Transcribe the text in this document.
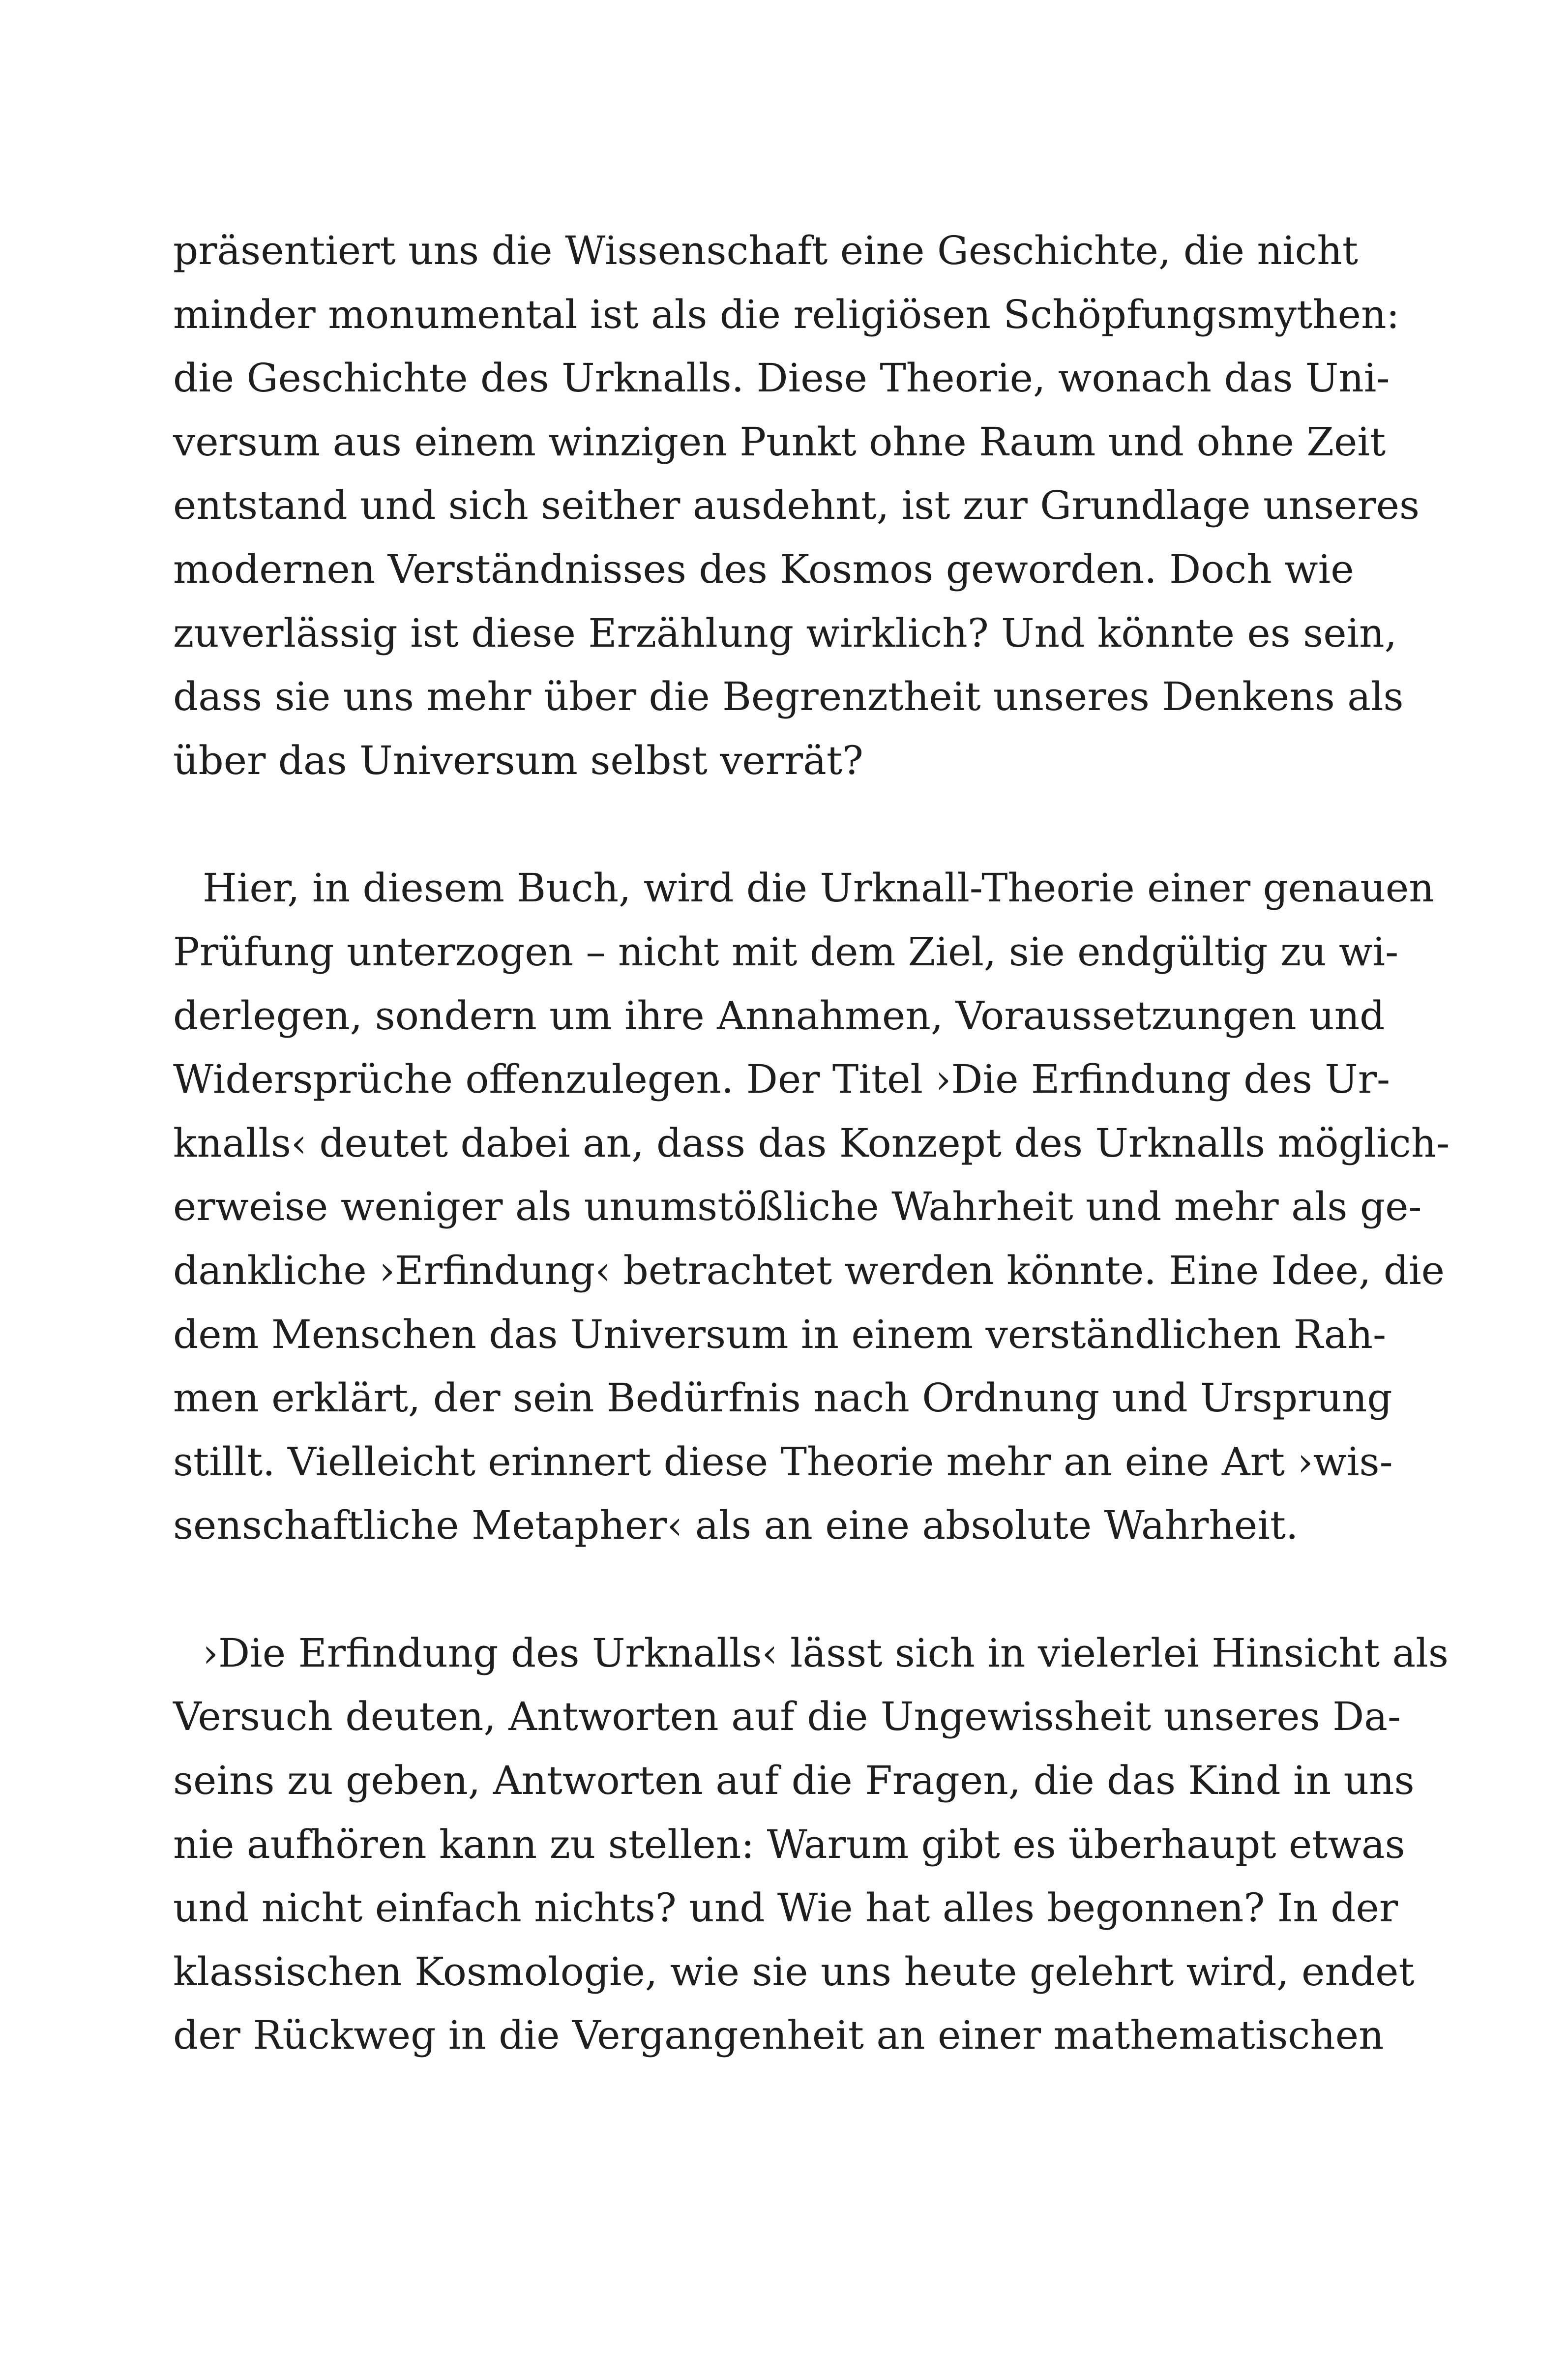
präsentiert uns die Wissenschaft eine Geschichte, die nicht
minder monumental ist als die religiösen Schöpfungsmythen:
die Geschichte des Urknalls. Diese Theorie, wonach das Uni-
versum aus einem winzigen Punkt ohne Raum und ohne Zeit
entstand und sich seither ausdehnt, ist zur Grundlage unseres
modernen Verständnisses des Kosmos geworden. Doch wie
zuverlässig ist diese Erzählung wirklich? Und könnte es sein,
dass sie uns mehr über die Begrenztheit unseres Denkens als
über das Universum selbst verrät?
Hier, in diesem Buch, wird die Urknall-Theorie einer genauen
Prüfung unterzogen – nicht mit dem Ziel, sie endgültig zu wi-
derlegen, sondern um ihre Annahmen, Voraussetzungen und
Widersprüche offenzulegen. Der Titel ›Die Erfindung des Ur-
knalls‹ deutet dabei an, dass das Konzept des Urknalls möglich-
erweise weniger als unumstößliche Wahrheit und mehr als ge-
dankliche ›Erfindung‹ betrachtet werden könnte. Eine Idee, die
dem Menschen das Universum in einem verständlichen Rah-
men erklärt, der sein Bedürfnis nach Ordnung und Ursprung
stillt. Vielleicht erinnert diese Theorie mehr an eine Art ›wis-
senschaftliche Metapher‹ als an eine absolute Wahrheit.
›Die Erfindung des Urknalls‹ lässt sich in vielerlei Hinsicht als
Versuch deuten, Antworten auf die Ungewissheit unseres Da-
seins zu geben, Antworten auf die Fragen, die das Kind in uns
nie aufhören kann zu stellen: Warum gibt es überhaupt etwas
und nicht einfach nichts? und Wie hat alles begonnen? In der
klassischen Kosmologie, wie sie uns heute gelehrt wird, endet
der Rückweg in die Vergangenheit an einer mathematischen
